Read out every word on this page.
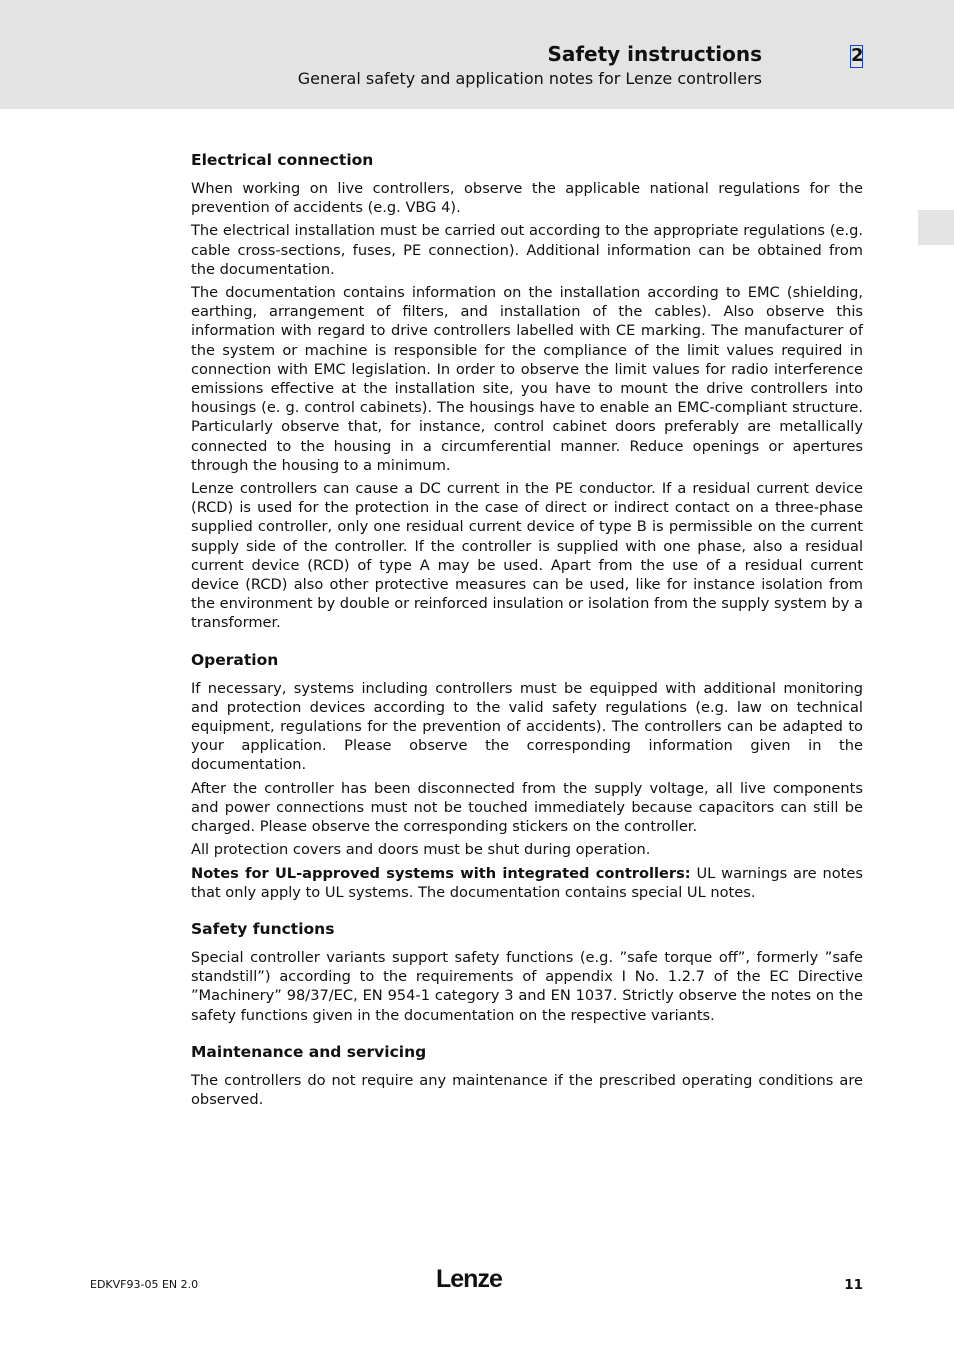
Safety instructions
General safety and application notes for Lenze controllers
2
Electrical connection

When working on live controllers, observe the applicable national regulations for the prevention of accidents (e.g. VBG 4).

The electrical installation must be carried out according to the appropriate regulations (e.g. cable cross-sections, fuses, PE connection). Additional information can be obtained from the documentation.

The documentation contains information on the installation according to EMC (shielding, earthing, arrangement of filters, and installation of the cables). Also observe this information with regard to drive controllers labelled with CE marking. The manufacturer of the system or machine is responsible for the compliance of the limit values required in connection with EMC legislation. In order to observe the limit values for radio interference emissions effective at the installation site, you have to mount the drive controllers into housings (e. g. control cabinets). The housings have to enable an EMC-compliant structure. Particularly observe that, for instance, control cabinet doors preferably are metallically connected to the housing in a circumferential manner. Reduce openings or apertures through the housing to a minimum.

Lenze controllers can cause a DC current in the PE conductor. If a residual current device (RCD) is used for the protection in the case of direct or indirect contact on a three-phase supplied controller, only one residual current device of type B is permissible on the current supply side of the controller. If the controller is supplied with one phase, also a residual current device (RCD) of type A may be used. Apart from the use of a residual current device (RCD) also other protective measures can be used, like for instance isolation from the environment by double or reinforced insulation or isolation from the supply system by a transformer.

Operation

If necessary, systems including controllers must be equipped with additional monitoring and protection devices according to the valid safety regulations (e.g. law on technical equipment, regulations for the prevention of accidents). The controllers can be adapted to your application. Please observe the corresponding information given in the documentation.

After the controller has been disconnected from the supply voltage, all live components and power connections must not be touched immediately because capacitors can still be charged. Please observe the corresponding stickers on the controller.

All protection covers and doors must be shut during operation.

Notes for UL-approved systems with integrated controllers: UL warnings are notes that only apply to UL systems. The documentation contains special UL notes.

Safety functions

Special controller variants support safety functions (e.g. ”safe torque off”, formerly ”safe standstill”) according to the requirements of appendix I No. 1.2.7 of the EC Directive ”Machinery” 98/37/EC, EN 954-1 category 3 and EN 1037. Strictly observe the notes on the safety functions given in the documentation on the respective variants.

Maintenance and servicing

The controllers do not require any maintenance if the prescribed operating conditions are observed.

EDKVF93-05 EN 2.0	Lenze	11
